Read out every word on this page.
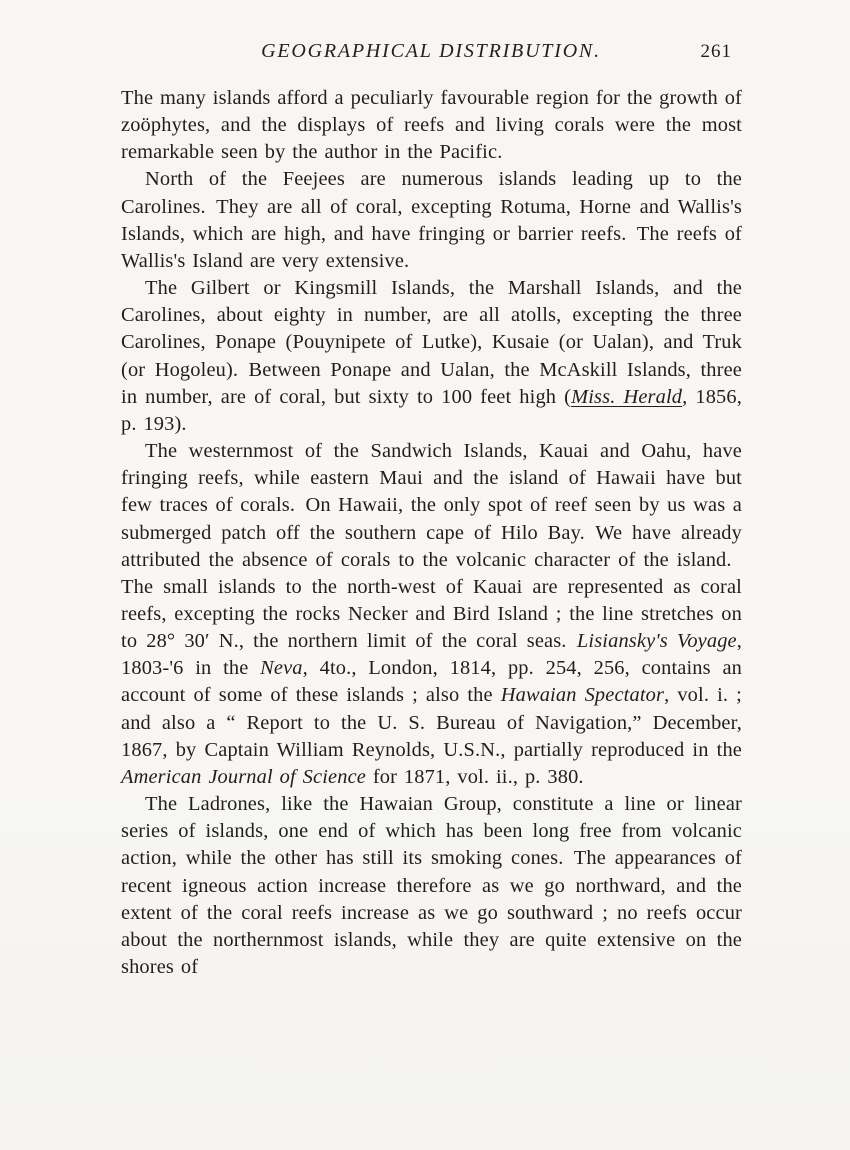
GEOGRAPHICAL DISTRIBUTION.	261

The many islands afford a peculiarly favourable region for the growth of zoöphytes, and the displays of reefs and living corals were the most remarkable seen by the author in the Pacific.

North of the Feejees are numerous islands leading up to the Carolines. They are all of coral, excepting Rotuma, Horne and Wallis's Islands, which are high, and have fringing or barrier reefs. The reefs of Wallis's Island are very extensive.

The Gilbert or Kingsmill Islands, the Marshall Islands, and the Carolines, about eighty in number, are all atolls, excepting the three Carolines, Ponape (Pouynipete of Lutke), Kusaie (or Ualan), and Truk (or Hogoleu). Between Ponape and Ualan, the McAskill Islands, three in number, are of coral, but sixty to 100 feet high (Miss. Herald, 1856, p. 193).

The westernmost of the Sandwich Islands, Kauai and Oahu, have fringing reefs, while eastern Maui and the island of Hawaii have but few traces of corals. On Hawaii, the only spot of reef seen by us was a submerged patch off the southern cape of Hilo Bay. We have already attributed the absence of corals to the volcanic character of the island. The small islands to the north-west of Kauai are represented as coral reefs, excepting the rocks Necker and Bird Island ; the line stretches on to 28° 30′ N., the northern limit of the coral seas. Lisiansky's Voyage, 1803-'6 in the Neva, 4to., London, 1814, pp. 254, 256, contains an account of some of these islands ; also the Hawaian Spectator, vol. i. ; and also a “ Report to the U. S. Bureau of Navigation,” December, 1867, by Captain William Reynolds, U.S.N., partially reproduced in the American Journal of Science for 1871, vol. ii., p. 380.

The Ladrones, like the Hawaian Group, constitute a line or linear series of islands, one end of which has been long free from volcanic action, while the other has still its smoking cones. The appearances of recent igneous action increase therefore as we go northward, and the extent of the coral reefs increase as we go southward ; no reefs occur about the northernmost islands, while they are quite extensive on the shores of
